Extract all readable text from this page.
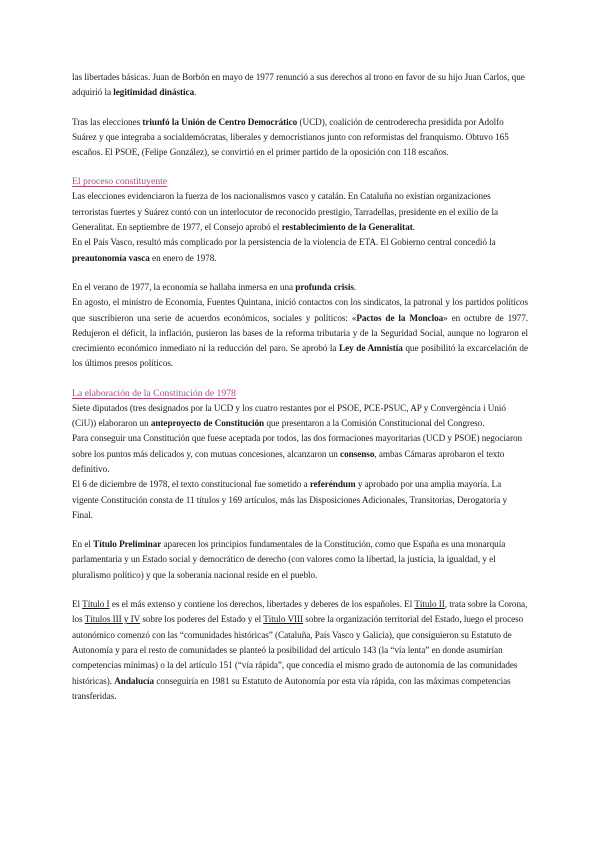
las libertades básicas. Juan de Borbón en mayo de 1977 renunció a sus derechos al trono en favor de su hijo Juan Carlos, que adquirió la legitimidad dinástica.

Tras las elecciones triunfó la Unión de Centro Democrático (UCD), coalición de centroderecha presidida por Adolfo Suárez y que integraba a socialdemócratas, liberales y democristianos junto con reformistas del franquismo. Obtuvo 165 escaños. El PSOE, (Felipe González), se convirtió en el primer partido de la oposición con 118 escaños.

El proceso constituyente

Las elecciones evidenciaron la fuerza de los nacionalismos vasco y catalán. En Cataluña no existían organizaciones terroristas fuertes y Suárez contó con un interlocutor de reconocido prestigio, Tarradellas, presidente en el exilio de la Generalitat. En septiembre de 1977, el Consejo aprobó el restablecimiento de la Generalitat.

En el País Vasco, resultó más complicado por la persistencia de la violencia de ETA. El Gobierno central concedió la preautonomía vasca en enero de 1978.

En el verano de 1977, la economía se hallaba inmersa en una profunda crisis.

En agosto, el ministro de Economía, Fuentes Quintana, inició contactos con los sindicatos, la patronal y los partidos políticos que suscribieron una serie de acuerdos económicos, sociales y políticos: «Pactos de la Moncloa» en octubre de 1977. Redujeron el déficit, la inflación, pusieron las bases de la reforma tributaria y de la Seguridad Social, aunque no lograron el crecimiento económico inmediato ni la reducción del paro. Se aprobó la Ley de Amnistía que posibilitó la excarcelación de los últimos presos políticos.

La elaboración de la Constitución de 1978

Siete diputados (tres designados por la UCD y los cuatro restantes por el PSOE, PCE-PSUC, AP y Convergència i Unió (CiU)) elaboraron un anteproyecto de Constitución que presentaron a la Comisión Constitucional del Congreso.

Para conseguir una Constitución que fuese aceptada por todos, las dos formaciones mayoritarias (UCD y PSOE) negociaron sobre los puntos más delicados y, con mutuas concesiones, alcanzaron un consenso, ambas Cámaras aprobaron el texto definitivo.

El 6 de diciembre de 1978, el texto constitucional fue sometido a referéndum y aprobado por una amplia mayoría. La vigente Constitución consta de 11 títulos y 169 artículos, más las Disposiciones Adicionales, Transitorias, Derogatoria y Final.

En el Título Preliminar aparecen los principios fundamentales de la Constitución, como que España es una monarquía parlamentaria y un Estado social y democrático de derecho (con valores como la libertad, la justicia, la igualdad, y el pluralismo político) y que la soberanía nacional reside en el pueblo.

El Título I es el más extenso y contiene los derechos, libertades y deberes de los españoles. El Título II, trata sobre la Corona, los Títulos III y IV sobre los poderes del Estado y el Título VIII sobre la organización territorial del Estado, luego el proceso autonómico comenzó con las “comunidades históricas” (Cataluña, País Vasco y Galicia), que consiguieron su Estatuto de Autonomía y para el resto de comunidades se planteó la posibilidad del artículo 143 (la “vía lenta” en donde asumirían competencias mínimas) o la del artículo 151 (“vía rápida”, que concedía el mismo grado de autonomía de las comunidades históricas). Andalucía conseguiría en 1981 su Estatuto de Autonomía por esta vía rápida, con las máximas competencias transferidas.
